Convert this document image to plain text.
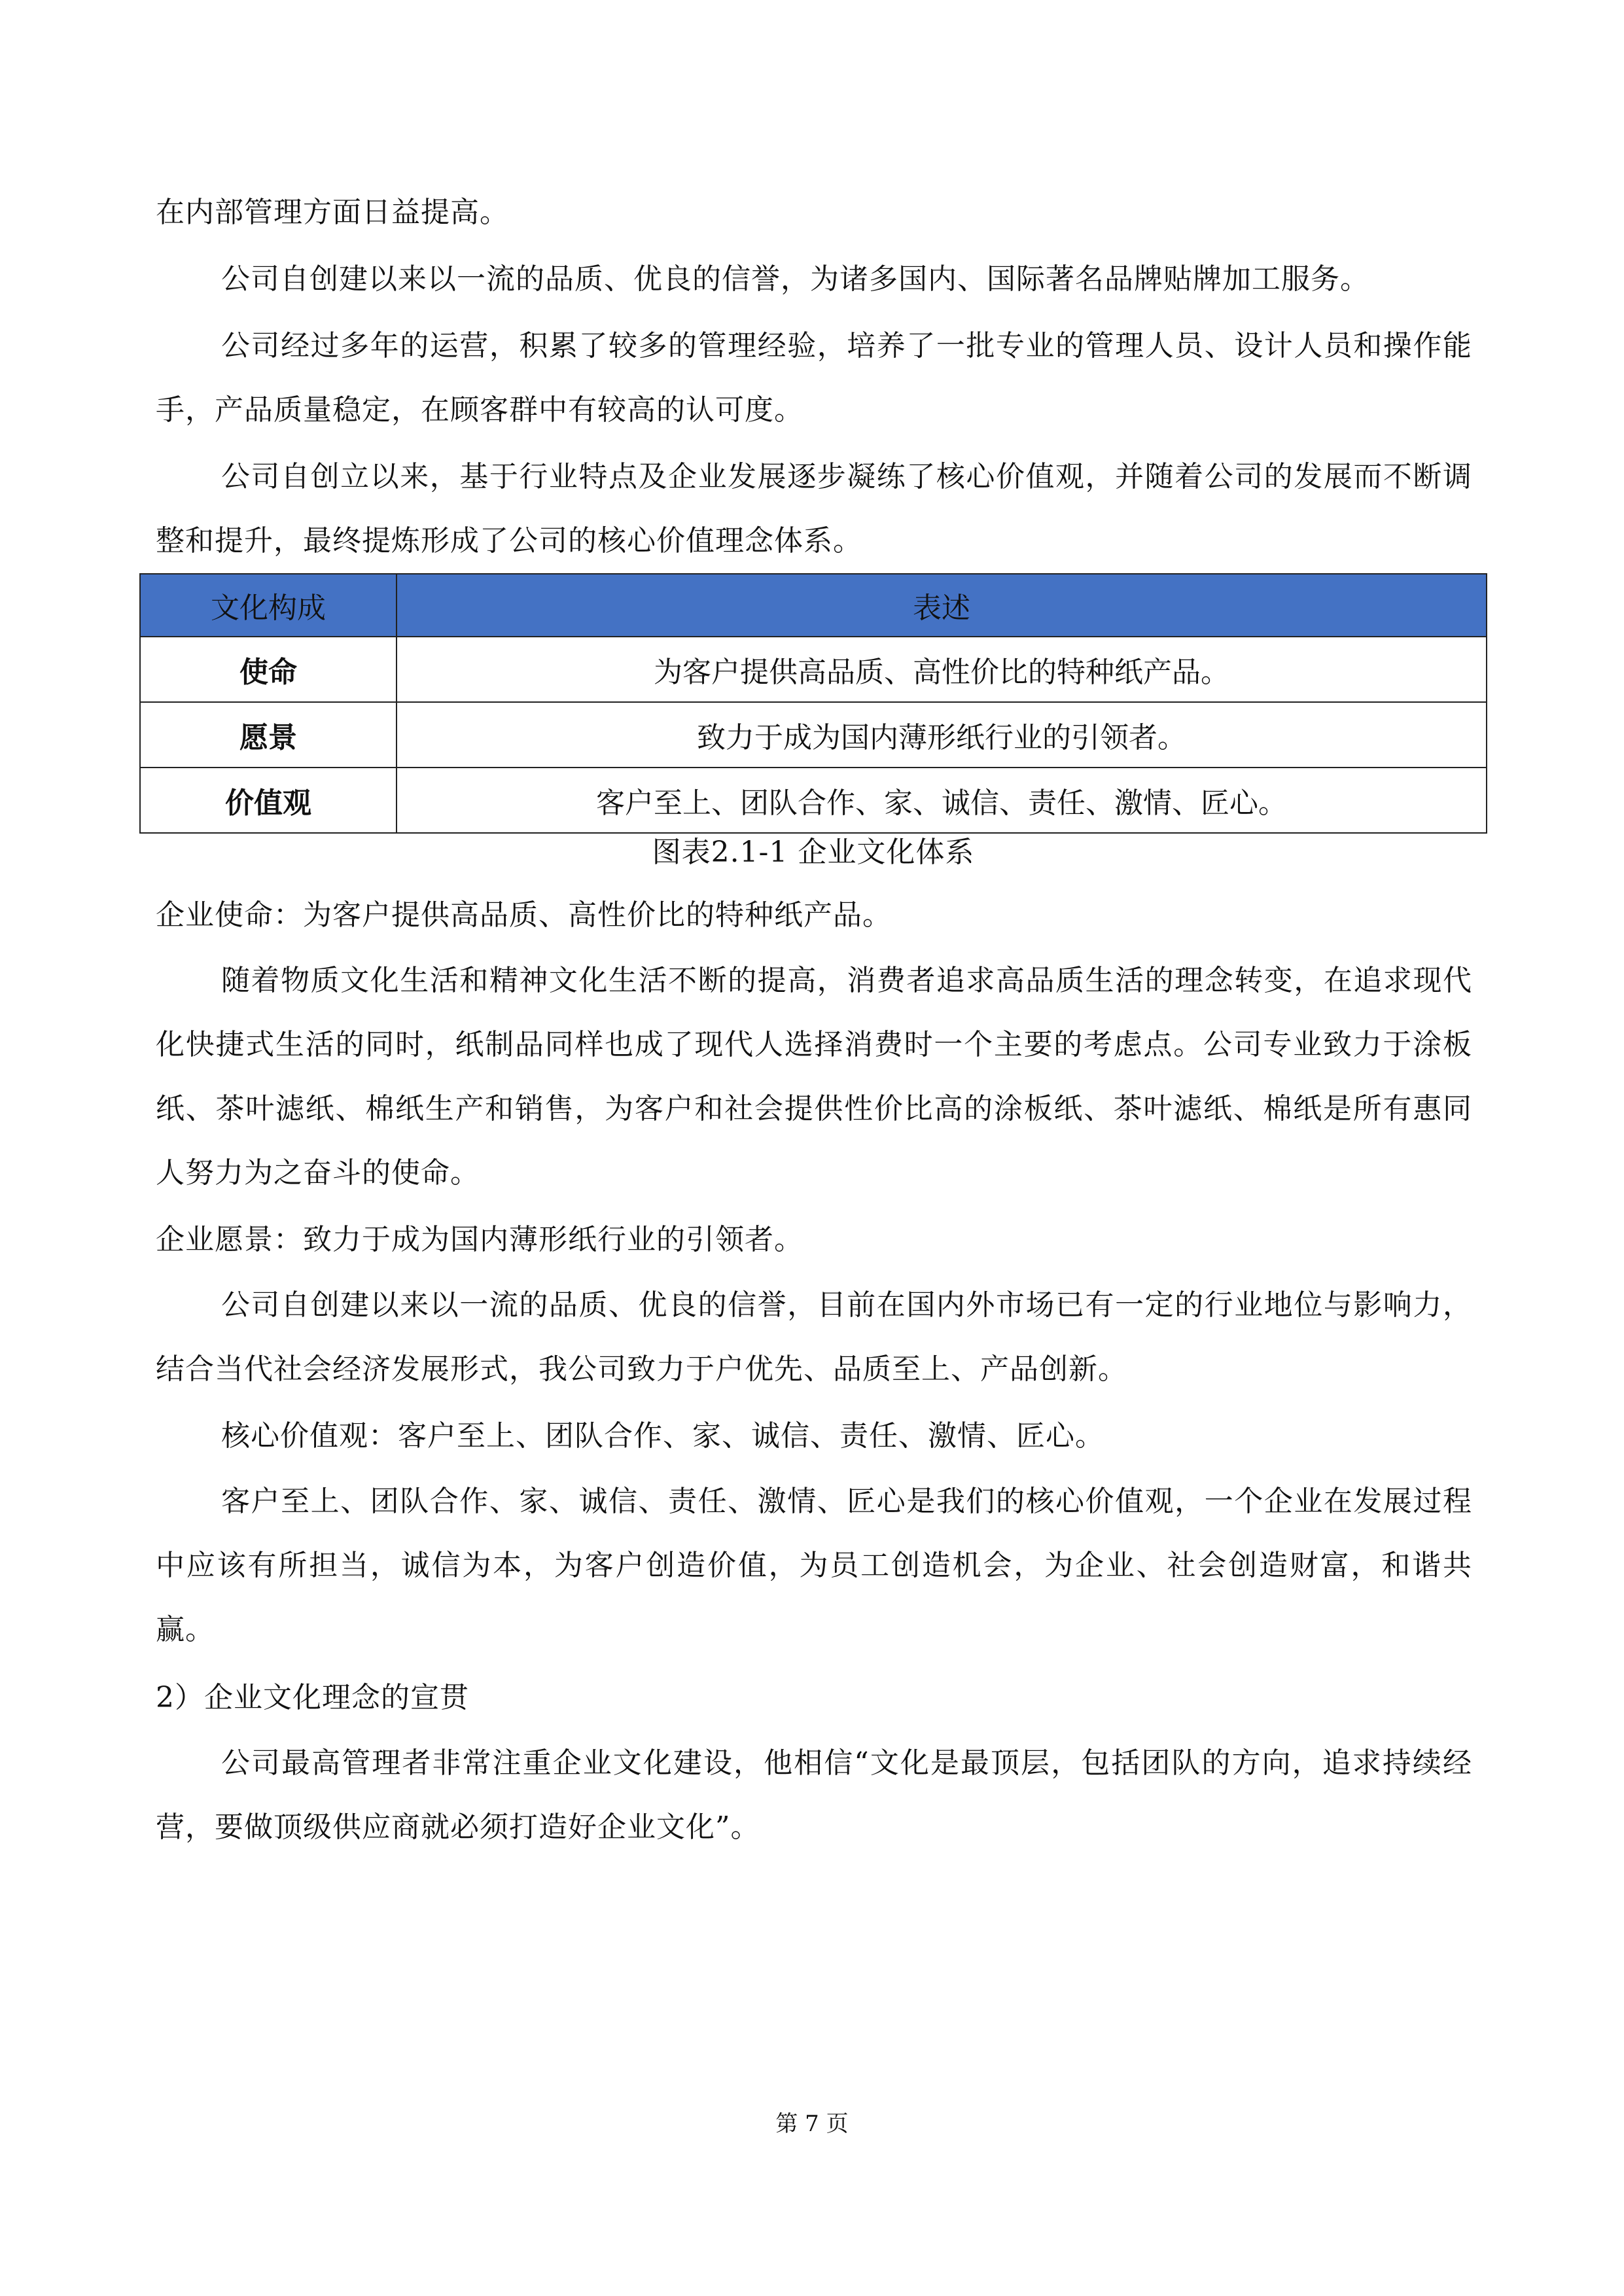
在内部管理方面日益提高。

公司自创建以来以一流的品质、优良的信誉，为诸多国内、国际著名品牌贴牌加工服务。

公司经过多年的运营，积累了较多的管理经验，培养了一批专业的管理人员、设计人员和操作能手，产品质量稳定，在顾客群中有较高的认可度。

公司自创立以来，基于行业特点及企业发展逐步凝练了核心价值观，并随着公司的发展而不断调整和提升，最终提炼形成了公司的核心价值理念体系。

文化构成	表述
使命	为客户提供高品质、高性价比的特种纸产品。
愿景	致力于成为国内薄形纸行业的引领者。
价值观	客户至上、团队合作、家、诚信、责任、激情、匠心。

图表2.1-1 企业文化体系

企业使命：为客户提供高品质、高性价比的特种纸产品。

随着物质文化生活和精神文化生活不断的提高，消费者追求高品质生活的理念转变，在追求现代化快捷式生活的同时，纸制品同样也成了现代人选择消费时一个主要的考虑点。公司专业致力于涂板纸、茶叶滤纸、棉纸生产和销售，为客户和社会提供性价比高的涂板纸、茶叶滤纸、棉纸是所有惠同人努力为之奋斗的使命。

企业愿景：致力于成为国内薄形纸行业的引领者。

公司自创建以来以一流的品质、优良的信誉，目前在国内外市场已有一定的行业地位与影响力，结合当代社会经济发展形式，我公司致力于户优先、品质至上、产品创新。

核心价值观：客户至上、团队合作、家、诚信、责任、激情、匠心。

客户至上、团队合作、家、诚信、责任、激情、匠心是我们的核心价值观，一个企业在发展过程中应该有所担当，诚信为本，为客户创造价值，为员工创造机会，为企业、社会创造财富，和谐共赢。

2）企业文化理念的宣贯

公司最高管理者非常注重企业文化建设，他相信“文化是最顶层，包括团队的方向，追求持续经营，要做顶级供应商就必须打造好企业文化”。

第 7 页
